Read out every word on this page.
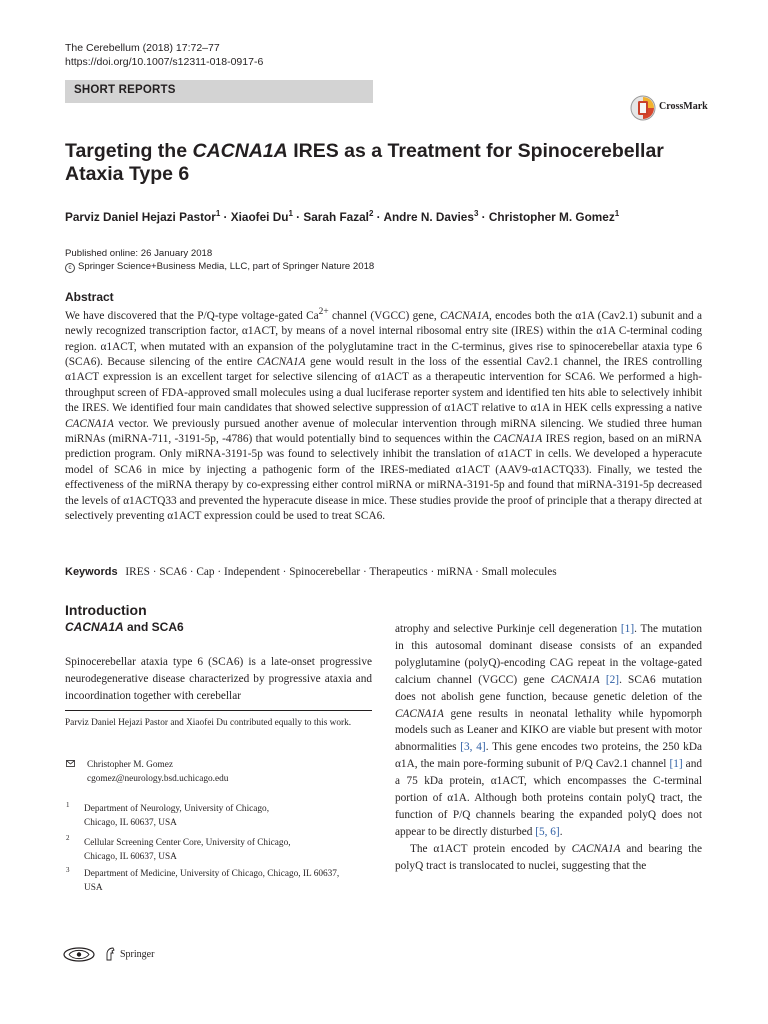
The Cerebellum (2018) 17:72–77
https://doi.org/10.1007/s12311-018-0917-6
SHORT REPORTS
CrossMark
Targeting the CACNA1A IRES as a Treatment for Spinocerebellar Ataxia Type 6
Parviz Daniel Hejazi Pastor$^1$ · Xiaofei $Du^1$ · Sarah Fazal$^2$ · Andre N. Davies$^3$ · Christopher M. Gomez$^1$
Published online: 26 January 2018
c Springer Science+Business Media, LLC, part of Springer Nature 2018
Abstract

We have discovered that the P/Q-type voltage-gated $Ca^{2+}$ channel (VGCC) gene, CACNA1A, encodes both the α1A (Cav2.1) subunit and a newly recognized transcription factor, α1ACT, by means of a novel internal ribosomal entry site (IRES) within the α1A C-terminal coding region. α1ACT, when mutated with an expansion of the polyglutamine tract in the C-terminus, gives rise to spinocerebellar ataxia type 6 (SCA6). Because silencing of the entire CACNA1A gene would result in the loss of the essential Cav2.1 channel, the IRES controlling α1ACT expression is an excellent target for selective silencing of α1ACT as a therapeutic intervention for SCA6. We performed a high-throughput screen of FDA-approved small molecules using a dual luciferase reporter system and identified ten hits able to selectively inhibit the IRES. We identified four main candidates that showed selective suppression of α1ACT relative to α1A in HEK cells expressing a native CACNA1A vector. We previously pursued another avenue of molecular intervention through miRNA silencing. We studied three human miRNAs (miRNA-711, -3191-5p, -4786) that would potentially bind to sequences within the CACNA1A IRES region, based on an miRNA prediction program. Only miRNA-3191-5p was found to selectively inhibit the translation of α1ACT in cells. We developed a hyperacute model of SCA6 in mice by injecting a pathogenic form of the IRES-mediated α1ACT (AAV9-α1ACTQ33). Finally, we tested the effectiveness of the miRNA therapy by co-expressing either control miRNA or miRNA-3191-5p and found that miRNA-3191-5p decreased the levels of α1ACTQ33 and prevented the hyperacute disease in mice. These studies provide the proof of principle that a therapy directed at selectively preventing α1ACT expression could be used to treat SCA6.

Keywords IRES · SCA6 · Cap · Independent · Spinocerebellar · Therapeutics · miRNA · Small molecules
Introduction
CACNA1A and SCA6

Spinocerebellar ataxia type 6 (SCA6) is a late-onset progressive neurodegenerative disease characterized by progressive ataxia and incoordination together with cerebellar

Parviz Daniel Hejazi Pastor and Xiaofei Du contributed equally to this work.
Christopher M. Gomez
cgomez@neurology.bsd.uchicago.edu
1 Department of Neurology, University of Chicago,
Chicago, IL 60637, USA
2 Cellular Screening Center Core, University of Chicago,
Chicago, IL 60637, USA
3 Department of Medicine, University of Chicago, Chicago, IL 60637,
USA

atrophy and selective Purkinje cell degeneration [1]. The mutation in this autosomal dominant disease consists of an expanded polyglutamine (polyQ)-encoding CAG repeat in the voltage-gated calcium channel (VGCC) gene CACNA1A [2]. SCA6 mutation does not abolish gene function, because genetic deletion of the CACNA1A gene results in neonatal lethality while hypomorph models such as Leaner and KIKO are viable but present with motor abnormalities [3, 4]. This gene encodes two proteins, the 250 kDa α1A, the main pore-forming subunit of P/Q Cav2.1 channel [1] and a 75 kDa protein, α1ACT, which encompasses the C-terminal portion of α1A. Although both proteins contain polyQ tract, the function of P/Q channels bearing the expanded polyQ does not appear to be directly disturbed [5, 6].
The α1ACT protein encoded by CACNA1A and bearing the polyQ tract is translocated to nuclei, suggesting that the

Springer
